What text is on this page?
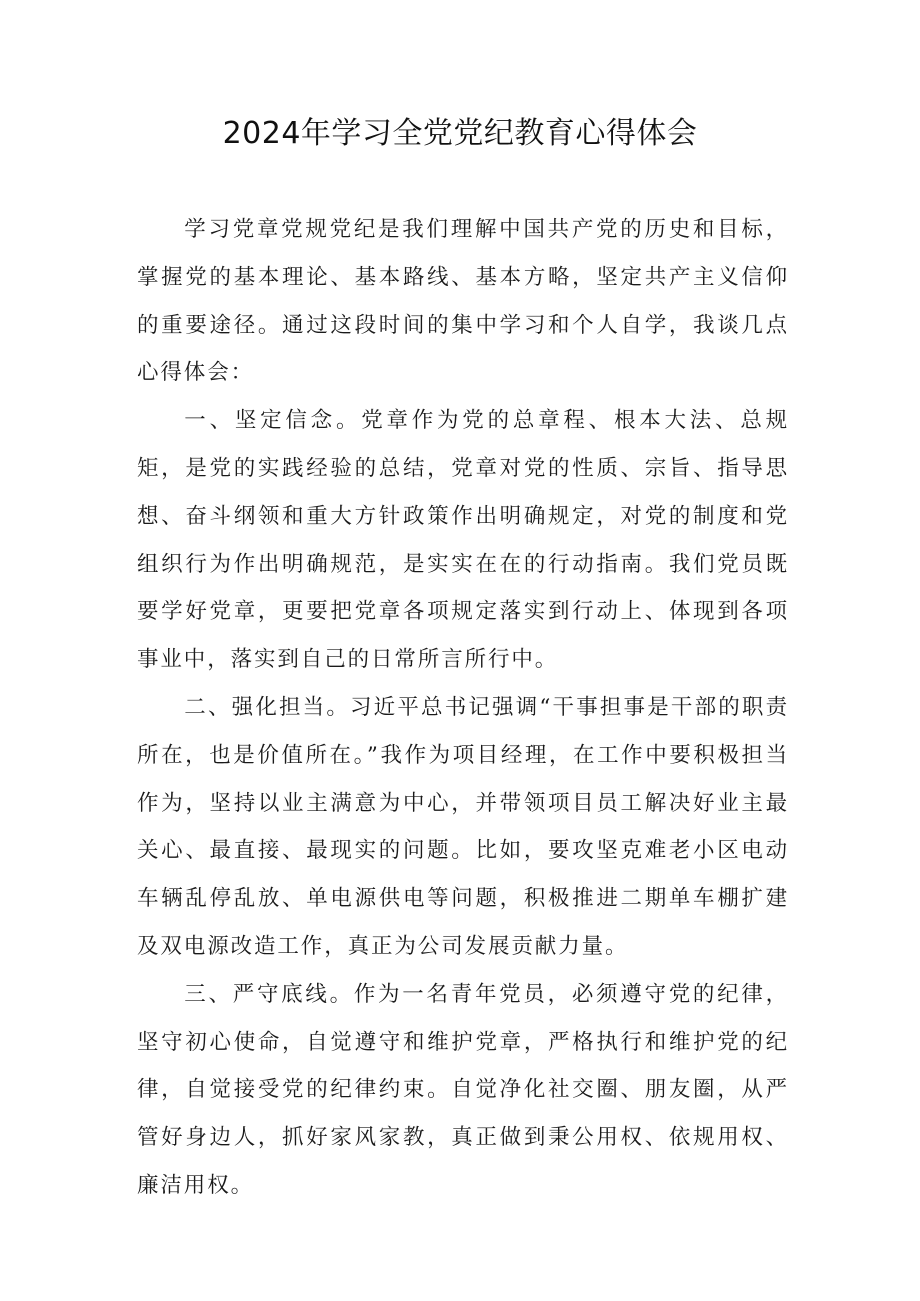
2024年学习全党党纪教育心得体会

学习党章党规党纪是我们理解中国共产党的历史和目标，掌握党的基本理论、基本路线、基本方略，坚定共产主义信仰的重要途径。通过这段时间的集中学习和个人自学，我谈几点心得体会：

一、坚定信念。党章作为党的总章程、根本大法、总规矩，是党的实践经验的总结，党章对党的性质、宗旨、指导思想、奋斗纲领和重大方针政策作出明确规定，对党的制度和党组织行为作出明确规范，是实实在在的行动指南。我们党员既要学好党章，更要把党章各项规定落实到行动上、体现到各项事业中，落实到自己的日常所言所行中。

二、强化担当。习近平总书记强调“干事担事是干部的职责所在，也是价值所在。”我作为项目经理，在工作中要积极担当作为，坚持以业主满意为中心，并带领项目员工解决好业主最关心、最直接、最现实的问题。比如，要攻坚克难老小区电动车辆乱停乱放、单电源供电等问题，积极推进二期单车棚扩建及双电源改造工作，真正为公司发展贡献力量。

三、严守底线。作为一名青年党员，必须遵守党的纪律，坚守初心使命，自觉遵守和维护党章，严格执行和维护党的纪律，自觉接受党的纪律约束。自觉净化社交圈、朋友圈，从严管好身边人，抓好家风家教，真正做到秉公用权、依规用权、廉洁用权。
